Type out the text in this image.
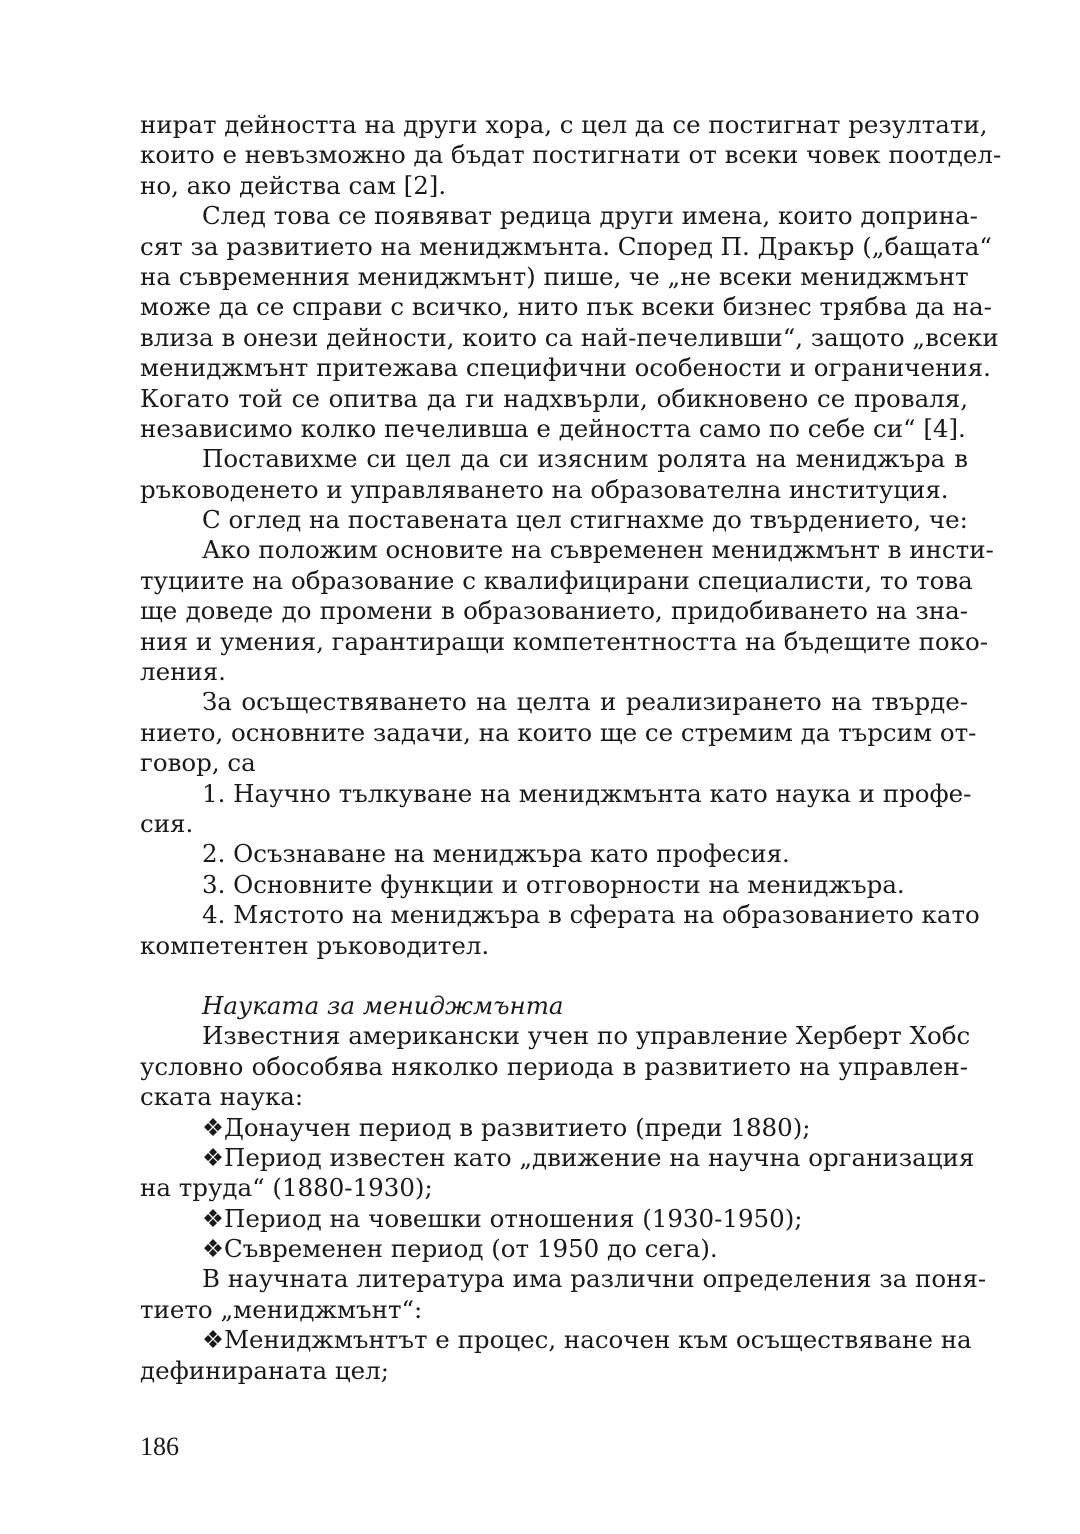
нират дейността на други хора, с цел да се постигнат резултати,
които е невъзможно да бъдат постигнати от всеки човек поотдел-
но, ако действа сам [2].
След това се появяват редица други имена, които доприна-
сят за развитието на мениджмънта. Според П. Дракър („бащата“
на съвременния мениджмънт) пише, че „не всеки мениджмънт
може да се справи с всичко, нито пък всеки бизнес трябва да на-
влиза в онези дейности, които са най-печеливши“, защото „всеки
мениджмънт притежава специфични особености и ограничения.
Когато той се опитва да ги надхвърли, обикновено се проваля,
независимо колко печеливша е дейността само по себе си“ [4].
Поставихме си цел да си изясним ролята на мениджъра в
ръководенето и управляването на образователна институция.
С оглед на поставената цел стигнахме до твърдението, че:
Ако положим основите на съвременен мениджмънт в инсти-
туциите на образование с квалифицирани специалисти, то това
ще доведе до промени в образованието, придобиването на зна-
ния и умения, гарантиращи компетентността на бъдещите поко-
ления.
За осъществяването на целта и реализирането на твърде-
нието, основните задачи, на които ще се стремим да търсим от-
говор, са
1. Научно тълкуване на мениджмънта като наука и профе-
сия.
2. Осъзнаване на мениджъра като професия.
3. Основните функции и отговорности на мениджъра.
4. Мястото на мениджъра в сферата на образованието като
компетентен ръководител.
Науката за мениджмънта
Известния американски учен по управление Херберт Хобс
условно обособява няколко периода в развитието на управлен-
ската наука:
❖Донаучен период в развитието (преди 1880);
❖Период известен като „движение на научна организация
на труда“ (1880-1930);
❖Период на човешки отношения (1930-1950);
❖Съвременен период (от 1950 до сега).
В научната литература има различни определения за поня-
тието „мениджмънт“:
❖Мениджмънтът е процес, насочен към осъществяване на
дефинираната цел;
186
